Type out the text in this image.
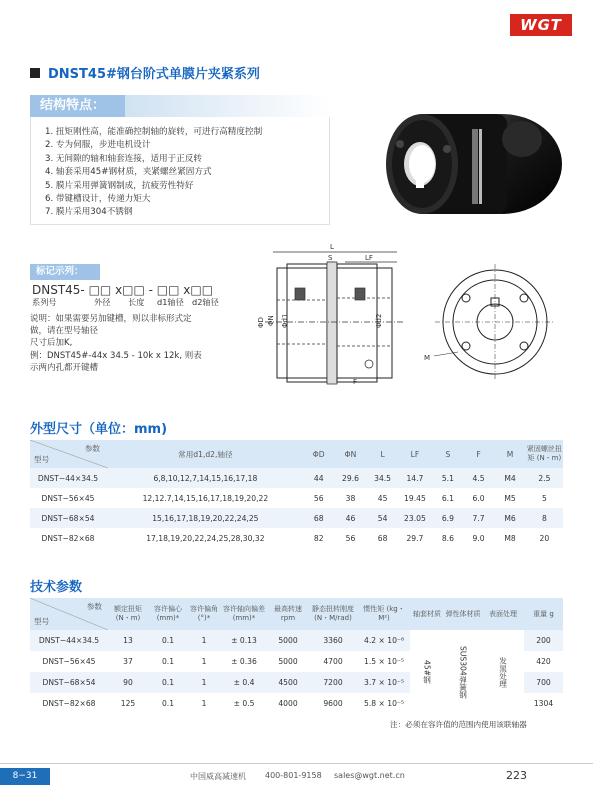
WGT
DNST45#钢台阶式单膜片夹紧系列
结构特点：
1. 扭矩刚性高，能准确控制轴的旋转，可进行高精度控制
2. 专为伺服，步进电机设计
3. 无间隙的轴和轴套连接，适用于正反转
4. 轴套采用45#钢材质，夹紧螺丝紧固方式
5. 膜片采用弹簧钢制成，抗疲劳性特好
6. 带键槽设计，传递力矩大
7. 膜片采用304不锈钢
标记示列：
DNST45- □□ x□□ - □□ x□□
系列号	外径 长度 d1轴径 d2轴径
说明：如果需要另加键槽，则以非标形式定
做，请在型号轴径
尺寸后加K,
例：DNST45#-44x 34.5 - 10k x 12k, 则表
示两内孔都开键槽
L
S	LF
ΦD ΦN Φd1	Φd2
F
M
外型尺寸（单位：mm)
参数
型号	常用d1,d2,轴径	ΦD	ΦN	L	LF	S	F	M	紧固螺丝扭矩 (N・m)
DNST−44×34.5	6,8,10,12,7,14,15,16,17,18	44	29.6	34.5	14.7	5.1	4.5	M4	2.5
DNST−56×45	12,12.7,14,15,16,17,18,19,20,22	56	38	45	19.45	6.1	6.0	M5	5
DNST−68×54	15,16,17,18,19,20,22,24,25	68	46	54	23.05	6.9	7.7	M6	8
DNST−82×68	17,18,19,20,22,24,25,28,30,32	82	56	68	29.7	8.6	9.0	M8	20
技术参数
参数
型号	额定扭矩 (N・m)	容许偏心 (mm)*	容许偏角 (°)*	容许轴向偏差 (mm)*	最高转速 rpm	静态扭转刚度 (N・M/rad)	惯性矩 (kg・M²)	轴套材质	弹性体材质	表面处理	重量 g
DNST−44×34.5	13	0.1	1	± 0.13	5000	3360	4.2 × 10⁻⁶	45#钢	SUS304弹簧钢	发黑处理	200
DNST−56×45	37	0.1	1	± 0.36	5000	4700	1.5 × 10⁻⁵				420
DNST−68×54	90	0.1	1	± 0.4	4500	7200	3.7 × 10⁻⁵				700
DNST−82×68	125	0.1	1	± 0.5	4000	9600	5.8 × 10⁻⁵				1304
注：必须在容许值的范围内使用该联轴器
8−31	中国威高减速机 400-801-9158 sales@wgt.net.cn	223
